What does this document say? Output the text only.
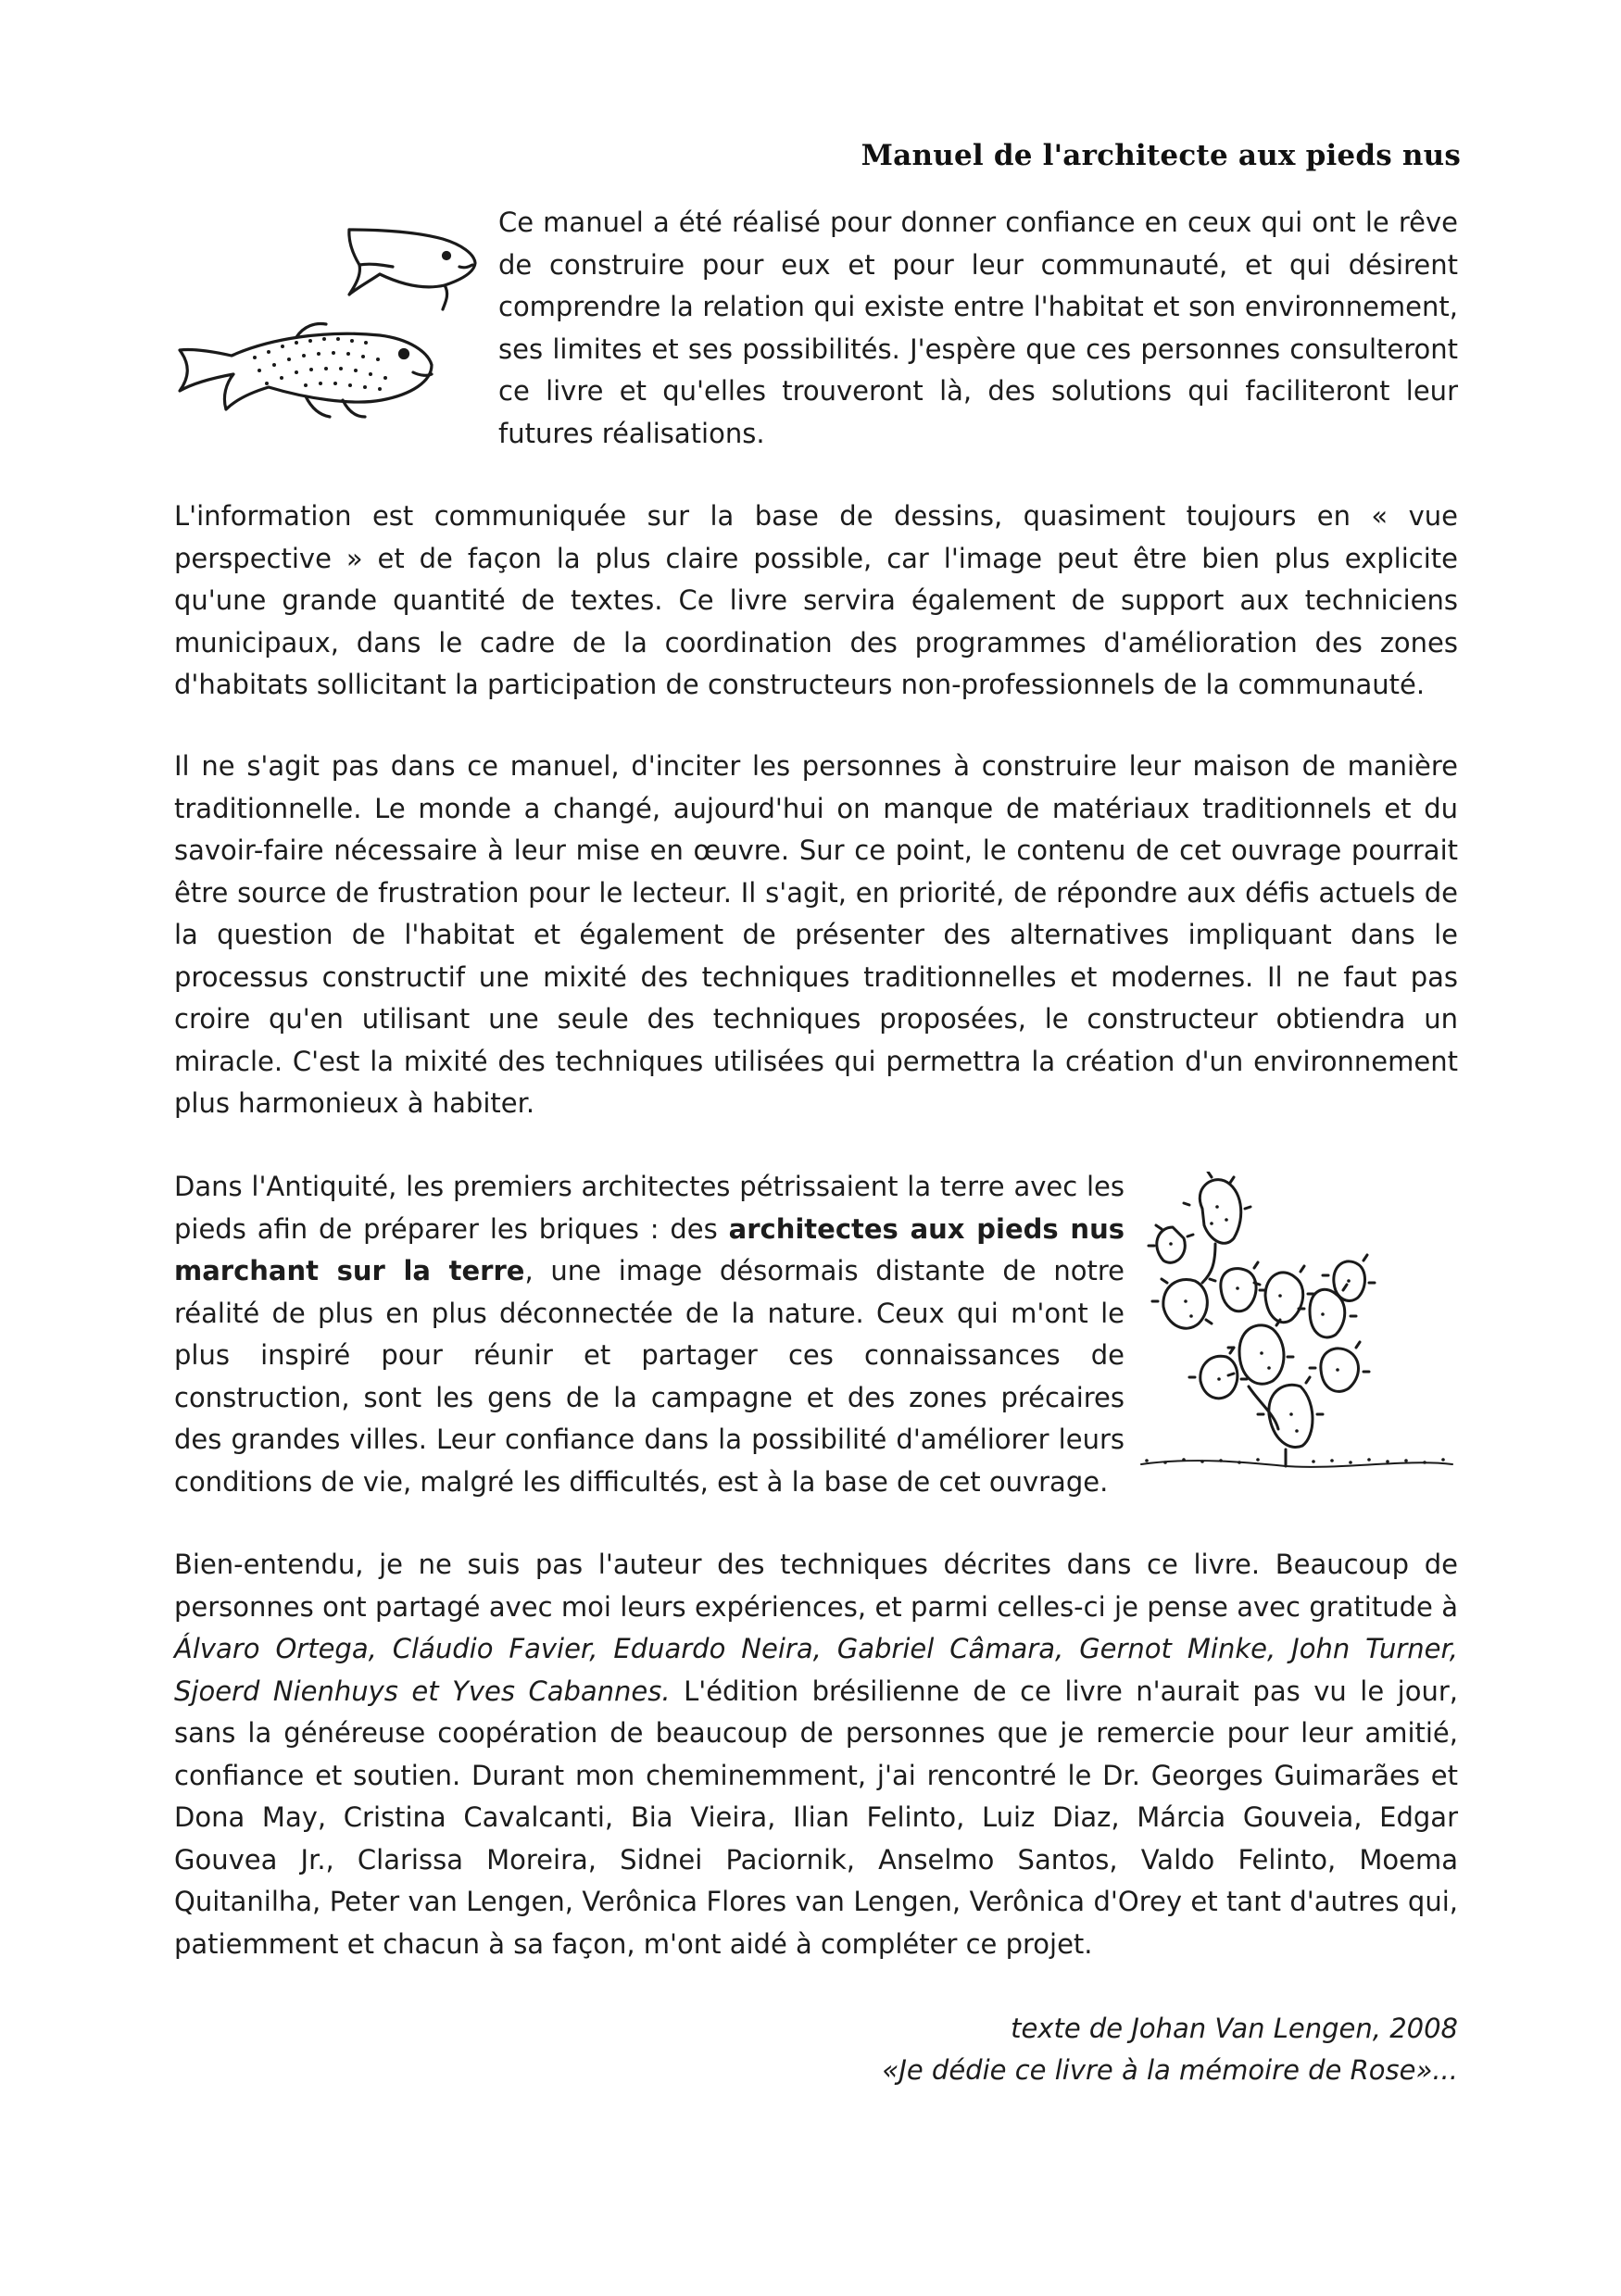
Manuel de l'architecte aux pieds nus

Ce manuel a été réalisé pour donner confiance en ceux qui ont le rêve de construire pour eux et pour leur communauté, et qui désirent comprendre la relation qui existe entre l'habitat et son environnement, ses limites et ses possibilités. J'espère que ces personnes consulteront ce livre et qu'elles trouveront là, des solutions qui faciliteront leur futures réalisations.

L'information est communiquée sur la base de dessins, quasiment toujours en « vue perspective » et de façon la plus claire possible, car l'image peut être bien plus explicite qu'une grande quantité de textes. Ce livre servira également de support aux techniciens municipaux, dans le cadre de la coordination des programmes d'amélioration des zones d'habitats sollicitant la participation de constructeurs non-professionnels de la communauté.

Il ne s'agit pas dans ce manuel, d'inciter les personnes à construire leur maison de manière traditionnelle. Le monde a changé, aujourd'hui on manque de matériaux traditionnels et du savoir-faire nécessaire à leur mise en œuvre. Sur ce point, le contenu de cet ouvrage pourrait être source de frustration pour le lecteur. Il s'agit, en priorité, de répondre aux défis actuels de la question de l'habitat et également de présenter des alternatives impliquant dans le processus constructif une mixité des techniques traditionnelles et modernes. Il ne faut pas croire qu'en utilisant une seule des techniques proposées, le constructeur obtiendra un miracle. C'est la mixité des techniques utilisées qui permettra la création d'un environnement plus harmonieux à habiter.

Dans l'Antiquité, les premiers architectes pétrissaient la terre avec les pieds afin de préparer les briques : des architectes aux pieds nus marchant sur la terre, une image désormais distante de notre réalité de plus en plus déconnectée de la nature. Ceux qui m'ont le plus inspiré pour réunir et partager ces connaissances de construction, sont les gens de la campagne et des zones précaires des grandes villes. Leur confiance dans la possibilité d'améliorer leurs conditions de vie, malgré les difficultés, est à la base de cet ouvrage.

Bien-entendu, je ne suis pas l'auteur des techniques décrites dans ce livre. Beaucoup de personnes ont partagé avec moi leurs expériences, et parmi celles-ci je pense avec gratitude à Álvaro Ortega, Cláudio Favier, Eduardo Neira, Gabriel Câmara, Gernot Minke, John Turner, Sjoerd Nienhuys et Yves Cabannes. L'édition brésilienne de ce livre n'aurait pas vu le jour, sans la généreuse coopération de beaucoup de personnes que je remercie pour leur amitié, confiance et soutien. Durant mon cheminemment, j'ai rencontré le Dr. Georges Guimarães et Dona May, Cristina Cavalcanti, Bia Vieira, Ilian Felinto, Luiz Diaz, Márcia Gouveia, Edgar Gouvea Jr., Clarissa Moreira, Sidnei Paciornik, Anselmo Santos, Valdo Felinto, Moema Quitanilha, Peter van Lengen, Verônica Flores van Lengen, Verônica d'Orey et tant d'autres qui, patiemment et chacun à sa façon, m'ont aidé à compléter ce projet.

texte de Johan Van Lengen, 2008
«Je dédie ce livre à la mémoire de Rose»...
